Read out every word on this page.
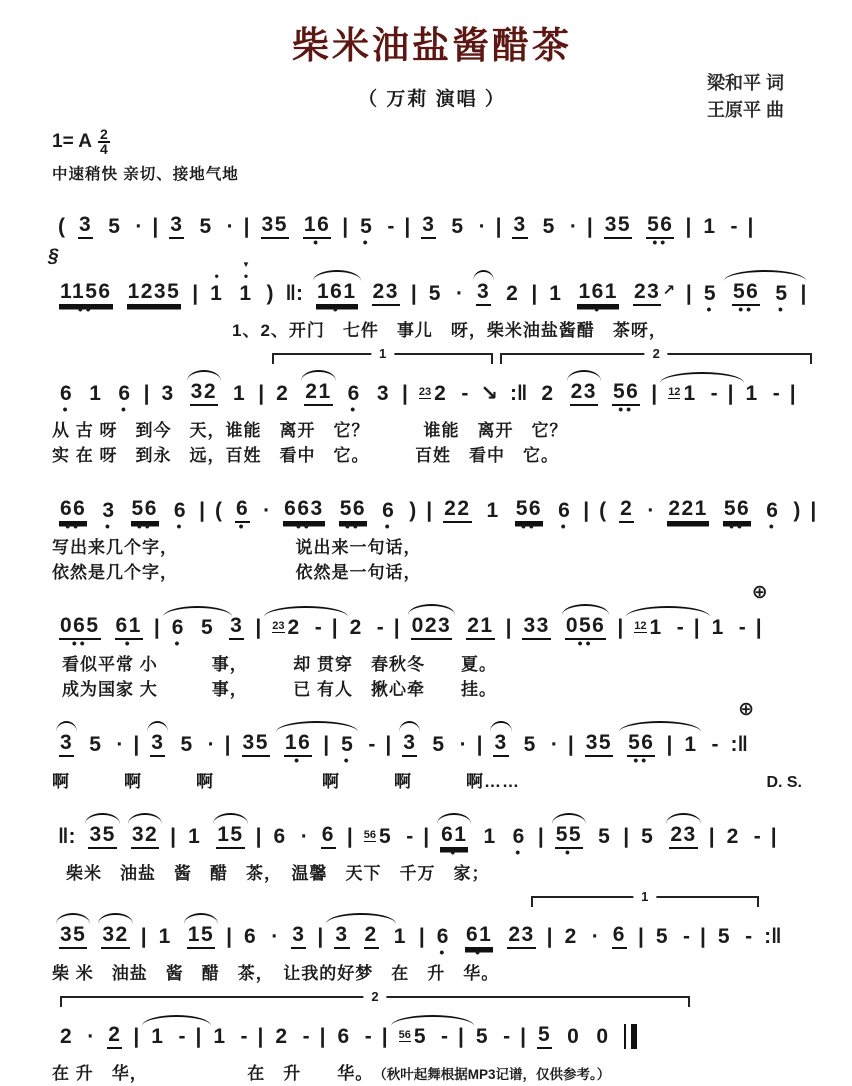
柴米油盐酱醋茶
（ 万莉 演唱 ）
梁和平 词
王原平 曲
1= A $\frac{2}{4}$
中速稍快 亲切、接地气地
(
3

5
· |
3

5
· |
35

16
•
|
5
•
- |
3

5
· |
3

5
· |
35

56
••
|
1
- |
§

1156
••

1235
|
•
1

▼
•
1
) ‖:
161
•

23
|
5
·
3

2
|
1

161
•

23 ↗
|
5
•

56
••

5
•
|
1、2、开门　七件　事儿　呀，柴米油盐酱醋　茶呀，
1	2

6
•

1

6
•
|
3

32

1
|
2

21

6
•

3
|
23 2
- ↘ :‖
2

23

56
••
|
12 1
- |
1
- |
从 古 呀　到今　天，谁能　离开　它？　　　谁能　离开　它？
实 在 呀　到永　远，百姓　看中　它。　　　百姓　看中　它。

66
••

3
•

56
••

6
•
| (
6
•
·
663
••

56
••

6
•
) |
22

1

56
••

6
•
| (
2
·
221

56
••

6
•
) |
写出来几个字，　　　　　　　说出来一句话，
依然是几个字，　　　　　　　依然是一句话，

065
••

61
•
|
6
•

5

3
|
23 2
- |
2
- |
023

21
|
33

056
••
|
12 1
- |
1
-
⊕
|
看似平常 小　　　事，　　　却 贯穿　春秋冬　　夏。
成为国家 大　　　事，　　　已 有人　揪心牵　　挂。

3

5
· |
3

5
· |
35

16
•
|
5
•
- |
3

5
· |
3

5
· |
35

56
••
|
1
-
⊕
:‖
啊　　　啊　　　啊　　　　　　啊　　　啊　　　啊……	D. S.
‖:
35

32
|
1

15
|
6
·
6
|
56 5
- |
61
•

1

6
•
|
55
•

5
|
5

23
|
2
- |
柴米　油盐　酱　醋　茶，　温馨　天下　千万　家；
1

35

32
|
1

15
|
6
·
3
|
3

2

1
|
6
•

61
•

23
|
2
·
6
|
5
- |
5
- :‖
柴 米　油盐　酱　醋　茶，　让我的好梦　在　升　华。
2

2
·
2
|
1
- |
1
- |
2
- |
6
- |
56 5
- |
5
- |
5

0

0

在 升　华，　　　　　　在　升　　华。 （秋叶起舞根据MP3记谱，仅供参考。）
